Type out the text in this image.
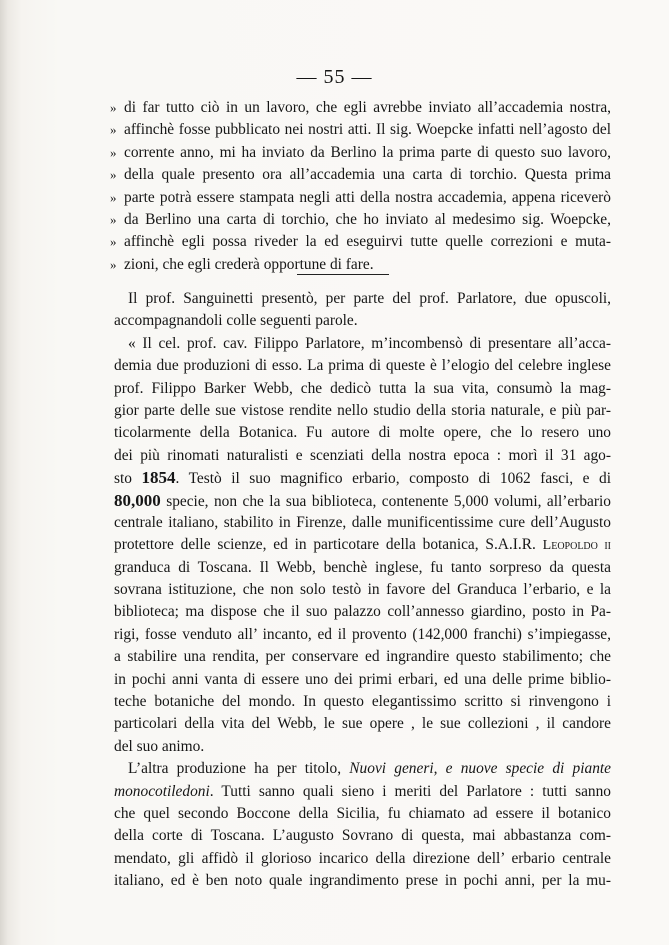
— 55 —
» di far tutto ciò in un lavoro, che egli avrebbe inviato all’accademia nostra,
» affinchè fosse pubblicato nei nostri atti. Il sig. Woepcke infatti nell’agosto del
» corrente anno, mi ha inviato da Berlino la prima parte di questo suo lavoro,
» della quale presento ora all’accademia una carta di torchio. Questa prima
» parte potrà essere stampata negli atti della nostra accademia, appena riceverò
» da Berlino una carta di torchio, che ho inviato al medesimo sig. Woepcke,
» affinchè egli possa riveder la ed eseguirvi tutte quelle correzioni e muta-
» zioni, che egli crederà opportune di fare.
Il prof. Sanguinetti presentò, per parte del prof. Parlatore, due opuscoli,
accompagnandoli colle seguenti parole.
« Il cel. prof. cav. Filippo Parlatore, m’incombensò di presentare all’acca-
demia due produzioni di esso. La prima di queste è l’elogio del celebre inglese
prof. Filippo Barker Webb, che dedicò tutta la sua vita, consumò la mag-
gior parte delle sue vistose rendite nello studio della storia naturale, e più par-
ticolarmente della Botanica. Fu autore di molte opere, che lo resero uno
dei più rinomati naturalisti e scenziati della nostra epoca : morì il 31 ago-
sto 1854. Testò il suo magnifico erbario, composto di 1062 fasci, e di
80,000 specie, non che la sua biblioteca, contenente 5,000 volumi, all’erbario
centrale italiano, stabilito in Firenze, dalle munificentissime cure dell’Augusto
protettore delle scienze, ed in particotare della botanica, S.A.I.R. Leopoldo ii
granduca di Toscana. Il Webb, benchè inglese, fu tanto sorpreso da questa
sovrana istituzione, che non solo testò in favore del Granduca l’erbario, e la
biblioteca; ma dispose che il suo palazzo coll’annesso giardino, posto in Pa-
rigi, fosse venduto all’ incanto, ed il provento (142,000 franchi) s’impiegasse,
a stabilire una rendita, per conservare ed ingrandire questo stabilimento; che
in pochi anni vanta di essere uno dei primi erbari, ed una delle prime biblio-
teche botaniche del mondo. In questo elegantissimo scritto si rinvengono i
particolari della vita del Webb, le sue opere , le sue collezioni , il candore
del suo animo.
L’altra produzione ha per titolo, Nuovi generi, e nuove specie di piante
monocotiledoni. Tutti sanno quali sieno i meriti del Parlatore : tutti sanno
che quel secondo Boccone della Sicilia, fu chiamato ad essere il botanico
della corte di Toscana. L’augusto Sovrano di questa, mai abbastanza com-
mendato, gli affidò il glorioso incarico della direzione dell’ erbario centrale
italiano, ed è ben noto quale ingrandimento prese in pochi anni, per la mu-
